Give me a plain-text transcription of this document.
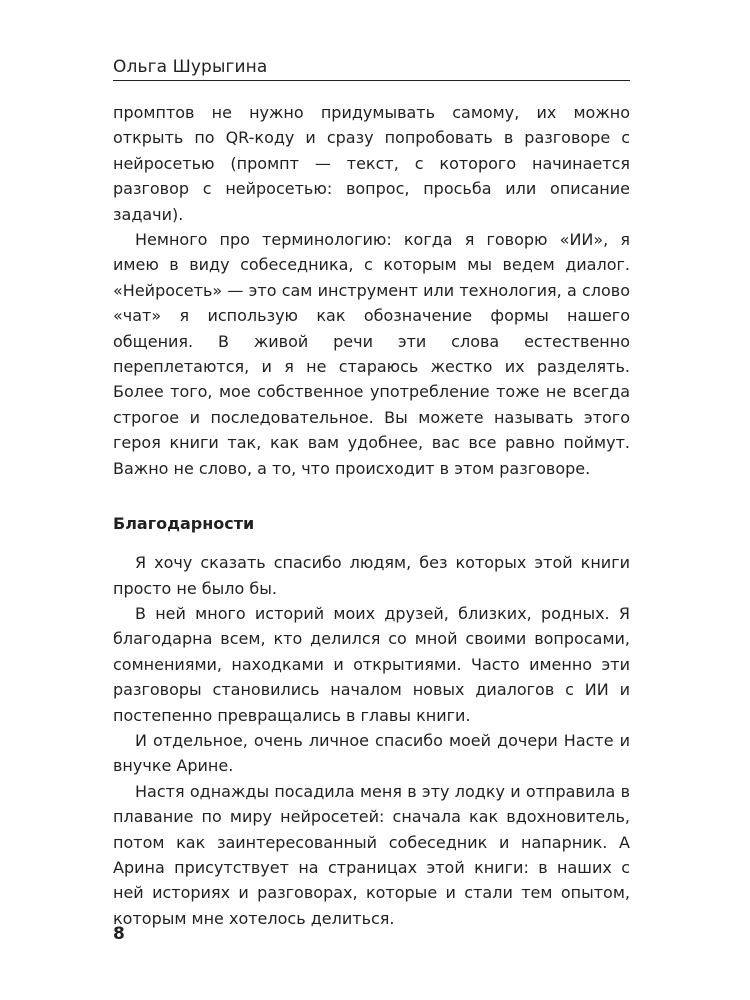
Ольга Шурыгина

промптов не нужно придумывать самому, их можно открыть по QR-коду и сразу попробовать в разговоре с нейросетью (промпт — текст, с которого начинается разговор с нейросетью: вопрос, просьба или описание задачи).

Немного про терминологию: когда я говорю «ИИ», я имею в виду собеседника, с которым мы ведем диалог. «Нейросеть» — это сам инструмент или технология, а слово «чат» я использую как обозначение формы нашего общения. В живой речи эти слова естественно переплетаются, и я не стараюсь жестко их разделять. Более того, мое собственное употребление тоже не всегда строгое и последовательное. Вы можете называть этого героя книги так, как вам удобнее, вас все равно поймут. Важно не слово, а то, что происходит в этом разговоре.

Благодарности

Я хочу сказать спасибо людям, без которых этой книги просто не было бы.

В ней много историй моих друзей, близких, родных. Я благодарна всем, кто делился со мной своими вопросами, сомнениями, находками и открытиями. Часто именно эти разговоры становились началом новых диалогов с ИИ и постепенно превращались в главы книги.

И отдельное, очень личное спасибо моей дочери Насте и внучке Арине.

Настя однажды посадила меня в эту лодку и отправила в плавание по миру нейросетей: сначала как вдохновитель, потом как заинтересованный собеседник и напарник. А Арина присутствует на страницах этой книги: в наших с ней историях и разговорах, которые и стали тем опытом, которым мне хотелось делиться.

8
